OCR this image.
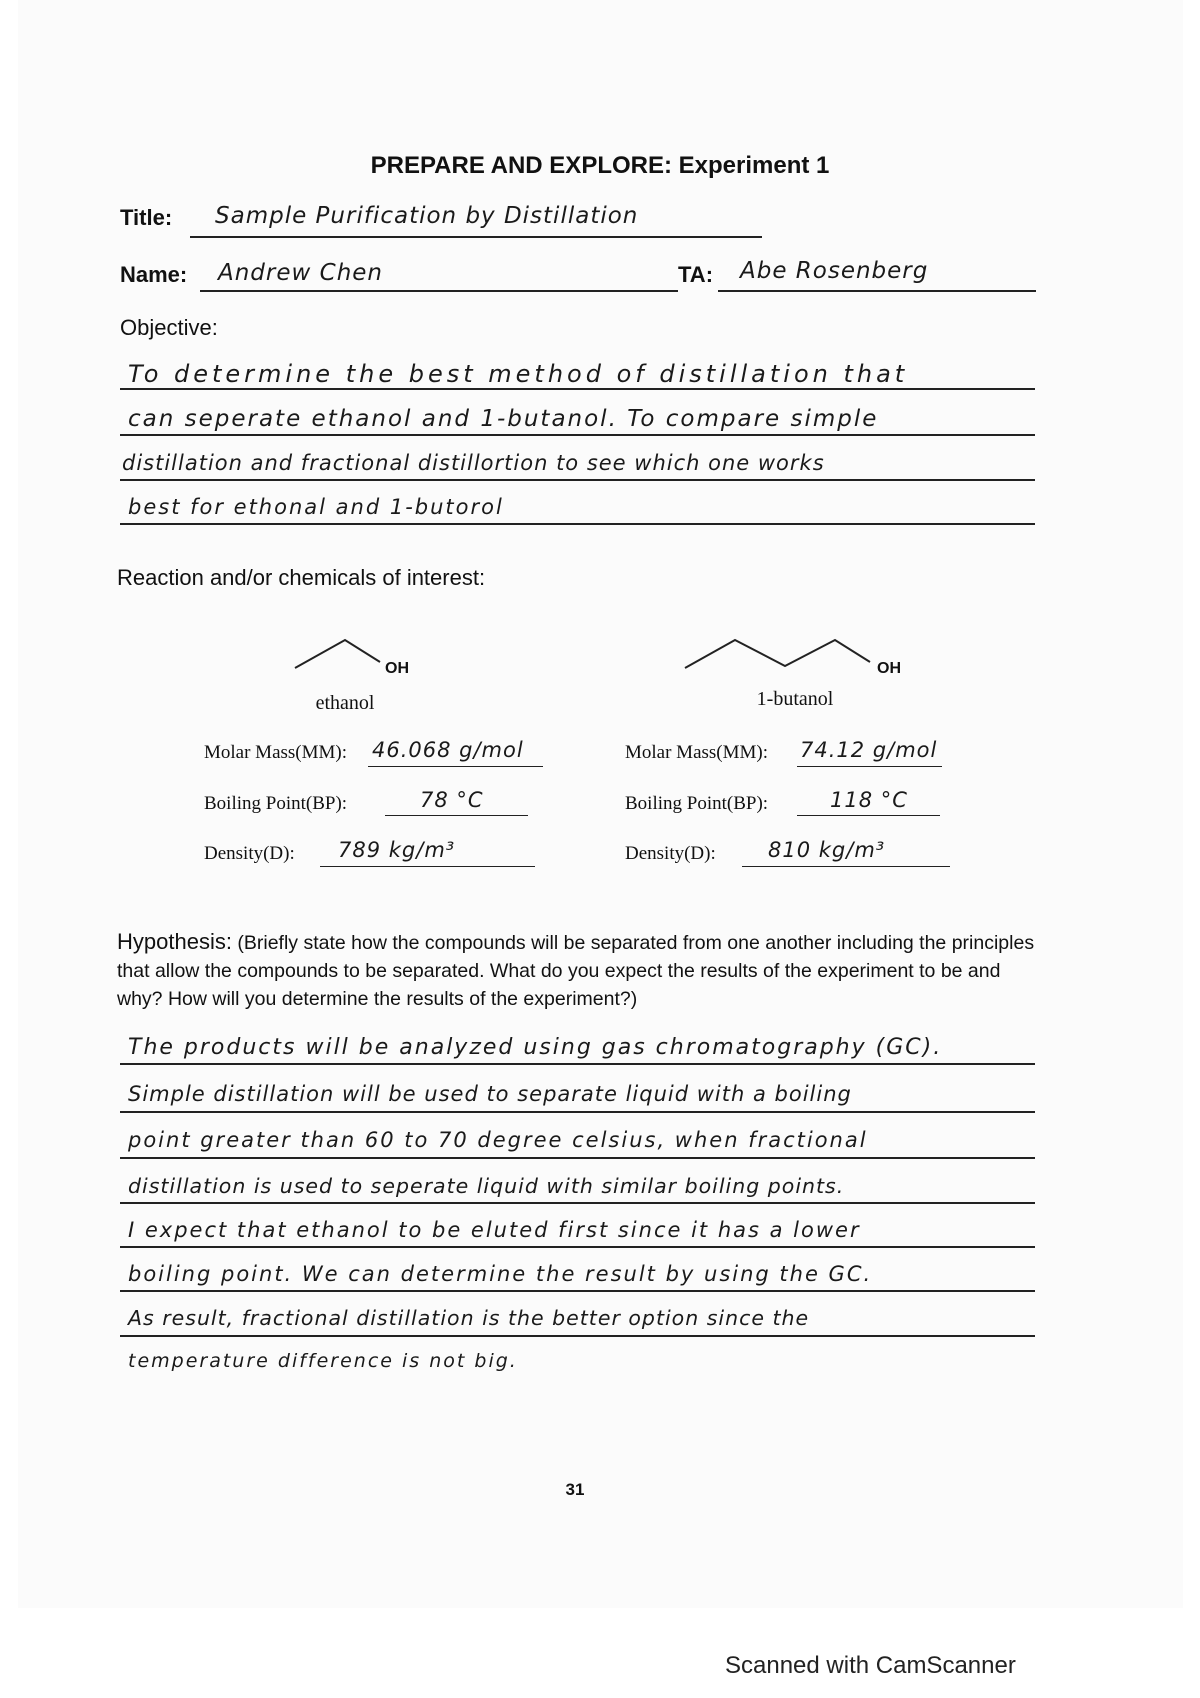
PREPARE AND EXPLORE: Experiment 1
Title: Sample Purification by Distillation
Name: Andrew Chen	TA: Abe Rosenberg
Objective:
To determine the best method of distillation that
can seperate ethanol and 1-butanol. To compare simple
distillation and fractional distillortion to see which one works
best for ethonal and 1-butorol
Reaction and/or chemicals of interest:
OH
ethanol
OH
1-butanol
Molar Mass(MM): 46.068 g/mol
Boiling Point(BP):	78 °C
Density(D): 789 kg/m³
Molar Mass(MM): 74.12 g/mol
Boiling Point(BP):	118 °C
Density(D): 810 kg/m³
Hypothesis: (Briefly state how the compounds will be separated from one another including the principles that allow the compounds to be separated. What do you expect the results of the experiment to be and why? How will you determine the results of the experiment?)
The products will be analyzed using gas chromatography (GC).
Simple distillation will be used to separate liquid with a boiling
point greater than 60 to 70 degree celsius, when fractional
distillation is used to seperate liquid with similar boiling points.
I expect that ethanol to be eluted first since it has a lower
boiling point. We can determine the result by using the GC.
As result, fractional distillation is the better option since the
temperature difference is not big.
31
Scanned with CamScanner
